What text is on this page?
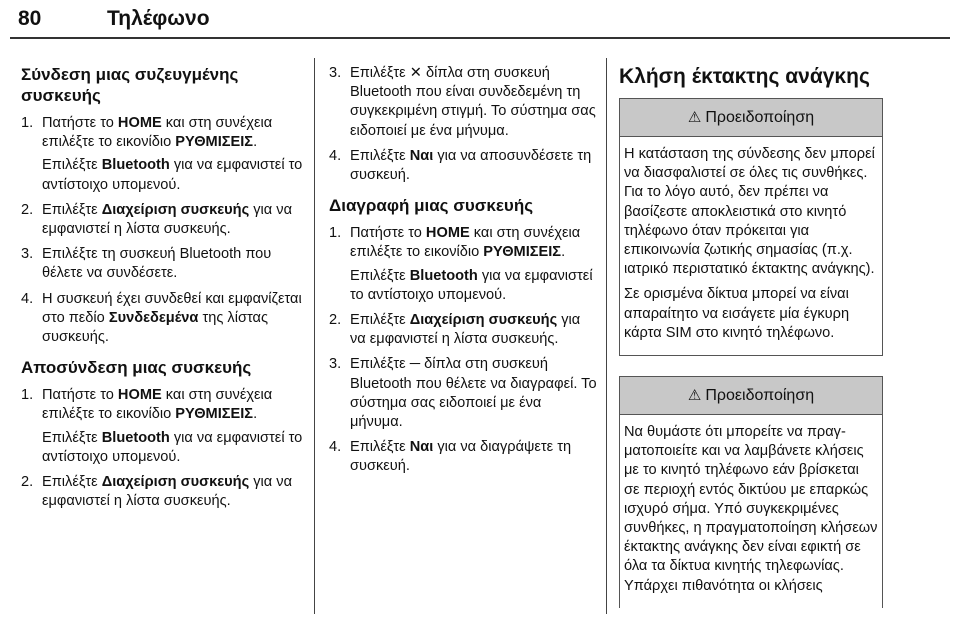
80	Τηλέφωνο
Σύνδεση μιας συζευγμένης συσκευής
1. Πατήστε το HOME και στη συνέχεια επιλέξτε το εικονίδιο ΡΥΘΜΙΣΕΙΣ.
Επιλέξτε Bluetooth για να εμφανιστεί το αντίστοιχο υπομενού.
2. Επιλέξτε Διαχείριση συσκευής για να εμφανιστεί η λίστα συσκευής.
3. Επιλέξτε τη συσκευή Bluetooth που θέλετε να συνδέσετε.
4. Η συσκευή έχει συνδεθεί και εμφανίζεται στο πεδίο Συνδεδεμένα της λίστας συσκευής.
Αποσύνδεση μιας συσκευής
1. Πατήστε το HOME και στη συνέχεια επιλέξτε το εικονίδιο ΡΥΘΜΙΣΕΙΣ.
Επιλέξτε Bluetooth για να εμφανιστεί το αντίστοιχο υπομενού.
2. Επιλέξτε Διαχείριση συσκευής για να εμφανιστεί η λίστα συσκευής.
3. Επιλέξτε ✕ δίπλα στη συσκευή Bluetooth που είναι συνδεδεμένη τη συγκεκριμένη στιγμή. Το σύστημα σας ειδοποιεί με ένα μήνυμα.
4. Επιλέξτε Ναι για να αποσυνδέσετε τη συσκευή.
Διαγραφή μιας συσκευής
1. Πατήστε το HOME και στη συνέχεια επιλέξτε το εικονίδιο ΡΥΘΜΙΣΕΙΣ.
Επιλέξτε Bluetooth για να εμφανιστεί το αντίστοιχο υπομενού.
2. Επιλέξτε Διαχείριση συσκευής για να εμφανιστεί η λίστα συσκευής.
3. Επιλέξτε ─ δίπλα στη συσκευή Bluetooth που θέλετε να διαγραφεί. Το σύστημα σας ειδοποιεί με ένα μήνυμα.
4. Επιλέξτε Ναι για να διαγράψετε τη συσκευή.
Κλήση έκτακτης ανάγκης
⚠ Προειδοποίηση

Η κατάσταση της σύνδεσης δεν μπορεί να διασφαλιστεί σε όλες τις συνθήκες. Για το λόγο αυτό, δεν πρέπει να βασίζεστε αποκλειστικά στο κινητό τηλέφωνο όταν πρόκειται για επικοινωνία ζωτικής σημασίας (π.χ. ιατρικό περιστατικό έκτακτης ανάγκης).

Σε ορισμένα δίκτυα μπορεί να είναι απαραίτητο να εισάγετε μία έγκυρη κάρτα SIM στο κινητό τηλέφωνο.

⚠ Προειδοποίηση

Να θυμάστε ότι μπορείτε να πραγματοποιείτε και να λαμβάνετε κλήσεις με το κινητό τηλέφωνο εάν βρίσκεται σε περιοχή εντός δικτύου με επαρκώς ισχυρό σήμα. Υπό συγκεκριμένες συνθήκες, η πραγματοποίηση κλήσεων έκτακτης ανάγκης δεν είναι εφικτή σε όλα τα δίκτυα κινητής τηλεφωνίας. Υπάρχει πιθανότητα οι κλήσεις
